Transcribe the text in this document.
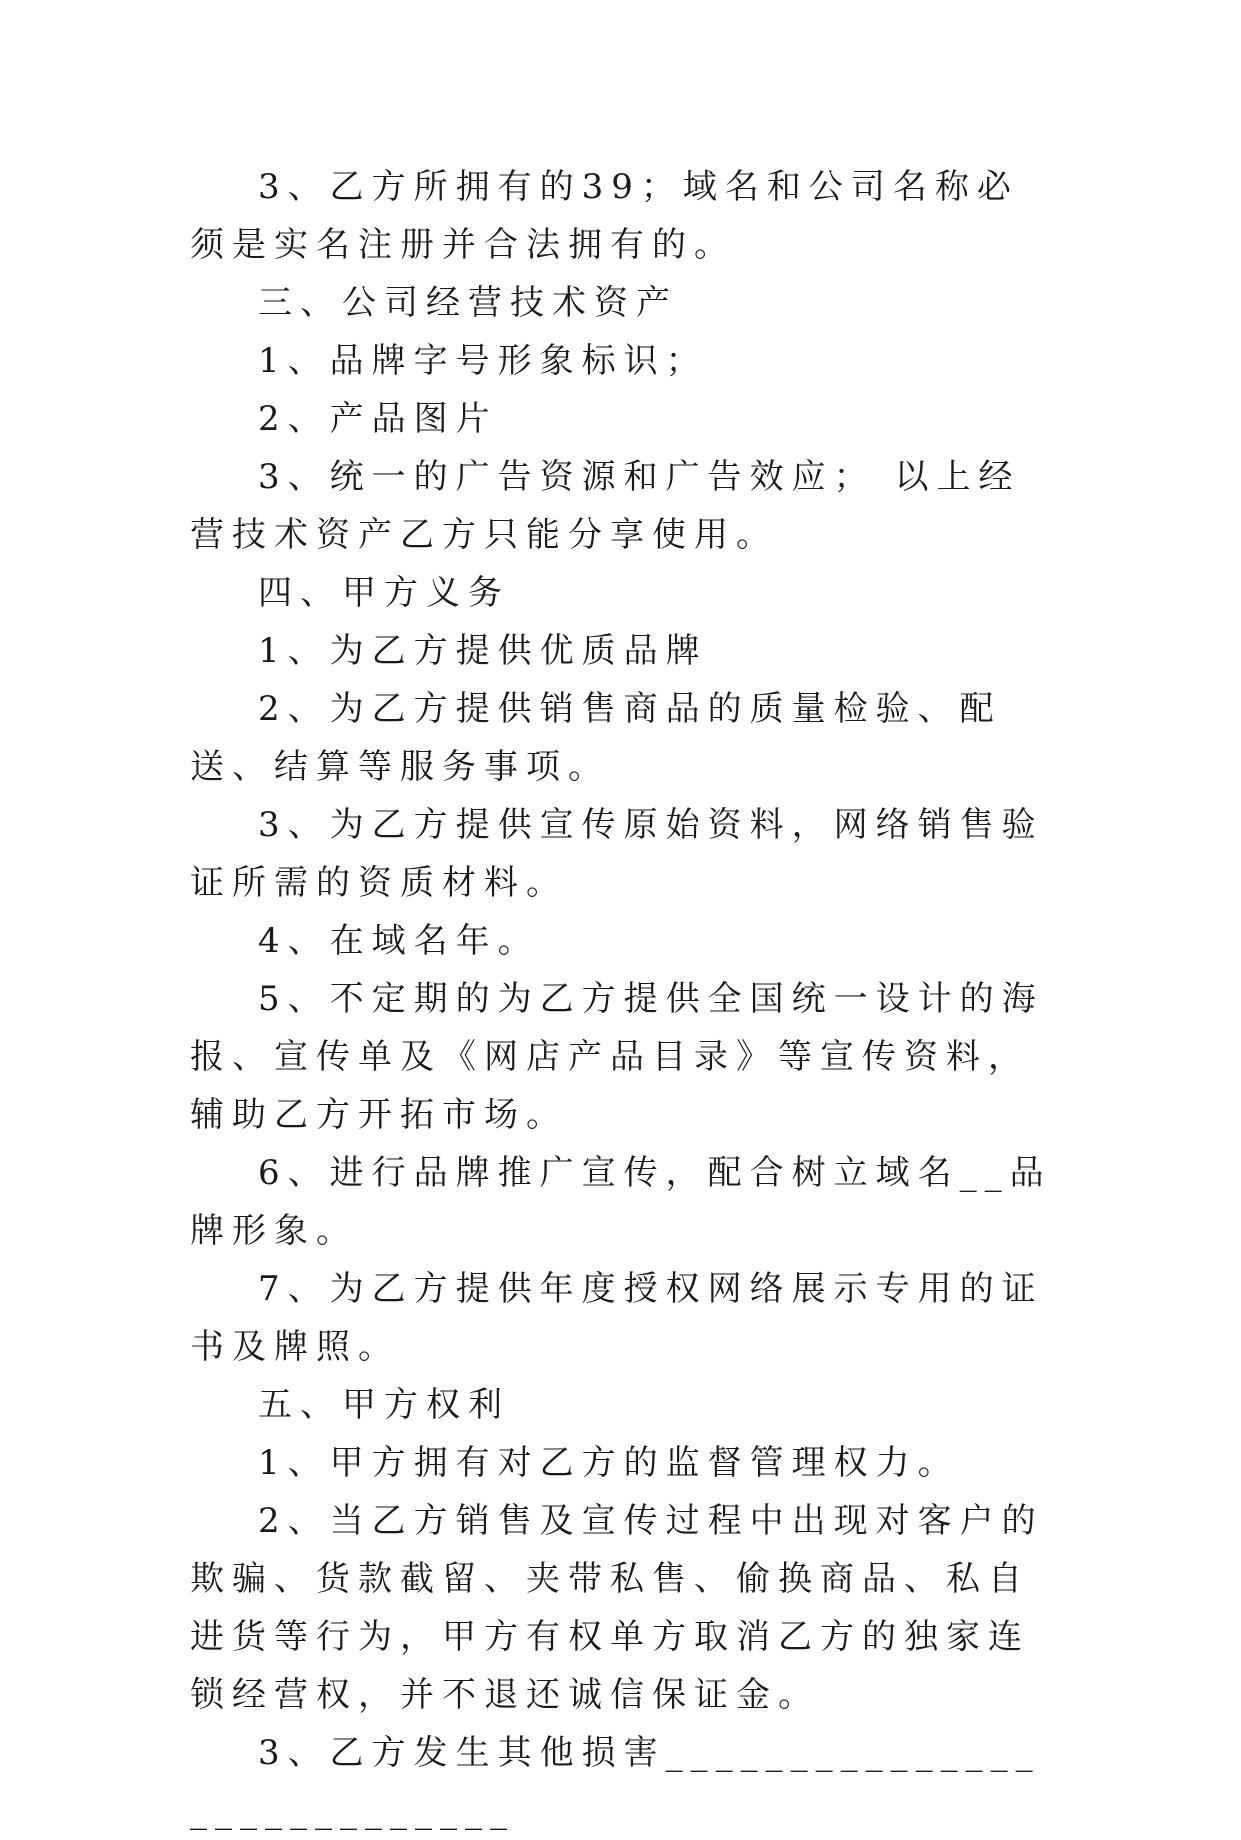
3、乙方所拥有的39；域名和公司名称必须是实名注册并合法拥有的。

三、公司经营技术资产

1、品牌字号形象标识；

2、产品图片

3、统一的广告资源和广告效应； 以上经营技术资产乙方只能分享使用。

四、甲方义务

1、为乙方提供优质品牌

2、为乙方提供销售商品的质量检验、配送、结算等服务事项。

3、为乙方提供宣传原始资料，网络销售验证所需的资质材料。

4、在域名年。

5、不定期的为乙方提供全国统一设计的海报、宣传单及《网店产品目录》等宣传资料，辅助乙方开拓市场。

6、进行品牌推广宣传，配合树立域名__品牌形象。

7、为乙方提供年度授权网络展示专用的证书及牌照。

五、甲方权利

1、甲方拥有对乙方的监督管理权力。

2、当乙方销售及宣传过程中出现对客户的欺骗、货款截留、夹带私售、偷换商品、私自进货等行为，甲方有权单方取消乙方的独家连锁经营权，并不退还诚信保证金。

3、乙方发生其他损害____________________________
